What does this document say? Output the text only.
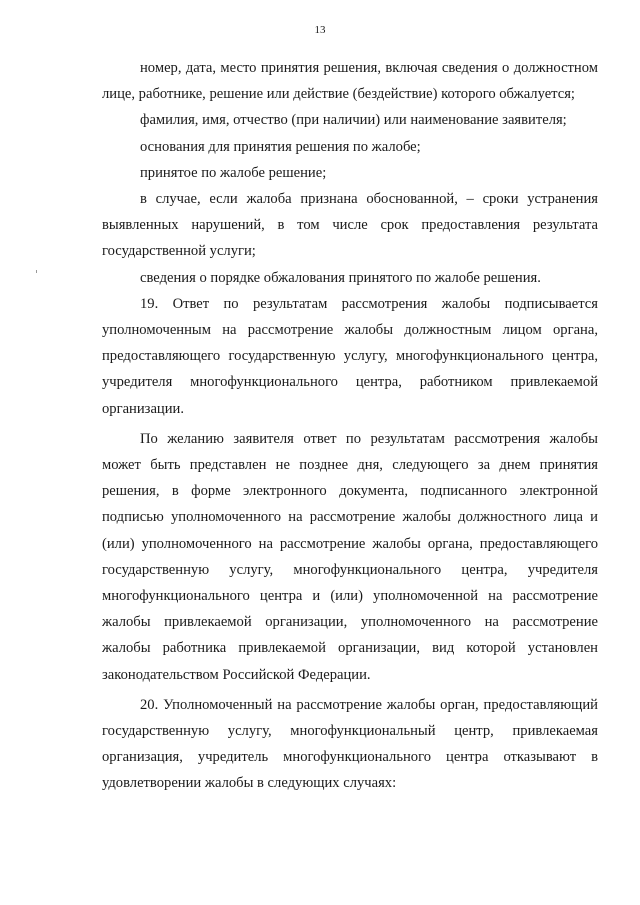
13

номер, дата, место принятия решения, включая сведения о должностном лице, работнике, решение или действие (бездействие) которого обжалуется;

фамилия, имя, отчество (при наличии) или наименование заявителя;

основания для принятия решения по жалобе;

принятое по жалобе решение;

в случае, если жалоба признана обоснованной, – сроки устранения выявленных нарушений, в том числе срок предоставления результата государственной услуги;

сведения о порядке обжалования принятого по жалобе решения.

19. Ответ по результатам рассмотрения жалобы подписывается уполномоченным на рассмотрение жалобы должностным лицом органа, предоставляющего государственную услугу, многофункционального центра, учредителя многофункционального центра, работником привлекаемой организации.

По желанию заявителя ответ по результатам рассмотрения жалобы может быть представлен не позднее дня, следующего за днем принятия решения, в форме электронного документа, подписанного электронной подписью уполномоченного на рассмотрение жалобы должностного лица и (или) уполномоченного на рассмотрение жалобы органа, предоставляющего государственную услугу, многофункционального центра, учредителя многофункционального центра и (или) уполномоченной на рассмотрение жалобы привлекаемой организации, уполномоченного на рассмотрение жалобы работника привлекаемой организации, вид которой установлен законодательством Российской Федерации.

20. Уполномоченный на рассмотрение жалобы орган, предоставляющий государственную услугу, многофункциональный центр, привлекаемая организация, учредитель многофункционального центра отказывают в удовлетворении жалобы в следующих случаях:
